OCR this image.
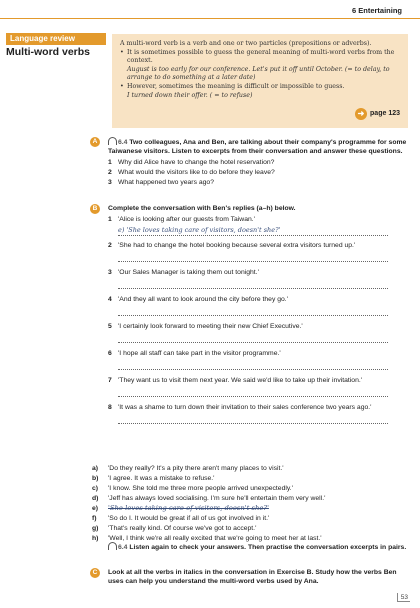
6 Entertaining
Language review
Multi-word verbs

A multi-word verb is a verb and one or two particles (prepositions or adverbs).

• It is sometimes possible to guess the general meaning of multi-word verbs from the context.
August is too early for our conference. Let's put it off until October. (= to delay, to arrange to do something at a later date)
• However, sometimes the meaning is difficult or impossible to guess.
I turned down their offer. ( = to refuse)
➜ page 123
A	6.4 Two colleagues, Ana and Ben, are talking about their company's programme for some Taiwanese visitors. Listen to excerpts from their conversation and answer these questions.

1 Why did Alice have to change the hotel reservation?
2 What would the visitors like to do before they leave?
3 What happened two years ago?
B	Complete the conversation with Ben's replies (a–h) below.

1 'Alice is looking after our guests from Taiwan.'
e) 'She loves taking care of visitors, doesn't she?'
2 'She had to change the hotel booking because several extra visitors turned up.'
3 'Our Sales Manager is taking them out tonight.'
4 'And they all want to look around the city before they go.'
5 'I certainly look forward to meeting their new Chief Executive.'
6 'I hope all staff can take part in the visitor programme.'
7 'They want us to visit them next year. We said we'd like to take up their invitation.'
8 'It was a shame to turn down their invitation to their sales conference two years ago.'
a)	'Do they really? It's a pity there aren't many places to visit.'
b)	'I agree. It was a mistake to refuse.'
c)	'I know. She told me three more people arrived unexpectedly.'
d)	'Jeff has always loved socialising. I'm sure he'll entertain them very well.'
e)	'She loves taking care of visitors, doesn't she?'
f)	'So do I. It would be great if all of us got involved in it.'
g)	'That's really kind. Of course we've got to accept.'
h)	'Well, I think we're all really excited that we're going to meet her at last.'

6.4 Listen again to check your answers. Then practise the conversation excerpts in pairs.

C	Look at all the verbs in italics in the conversation in Exercise B. Study how the verbs Ben uses can help you understand the multi-word verbs used by Ana.

53
